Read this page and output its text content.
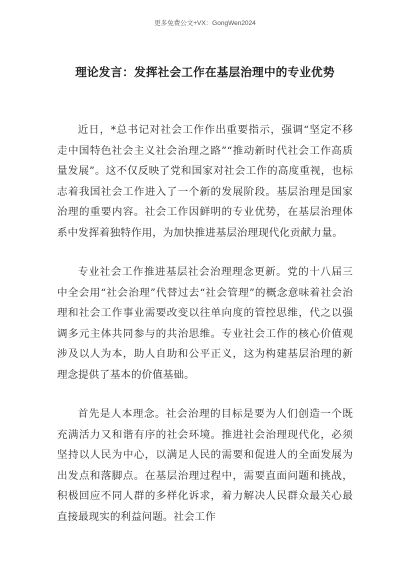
更多免费公文+VX：GongWen2024
理论发言：发挥社会工作在基层治理中的专业优势

近日，*总书记对社会工作作出重要指示，强调“坚定不移走中国特色社会主义社会治理之路”“推动新时代社会工作高质量发展”。这不仅反映了党和国家对社会工作的高度重视，也标志着我国社会工作进入了一个新的发展阶段。基层治理是国家治理的重要内容。社会工作因鲜明的专业优势，在基层治理体系中发挥着独特作用，为加快推进基层治理现代化贡献力量。

专业社会工作推进基层社会治理理念更新。党的十八届三中全会用“社会治理”代替过去“社会管理”的概念意味着社会治理和社会工作事业需要改变以往单向度的管控思维，代之以强调多元主体共同参与的共治思维。专业社会工作的核心价值观涉及以人为本，助人自助和公平正义，这为构建基层治理的新理念提供了基本的价值基础。

首先是人本理念。社会治理的目标是要为人们创造一个既充满活力又和谐有序的社会环境。推进社会治理现代化，必须坚持以人民为中心，以满足人民的需要和促进人的全面发展为出发点和落脚点。在基层治理过程中，需要直面问题和挑战，积极回应不同人群的多样化诉求，着力解决人民群众最关心最直接最现实的利益问题。社会工作
